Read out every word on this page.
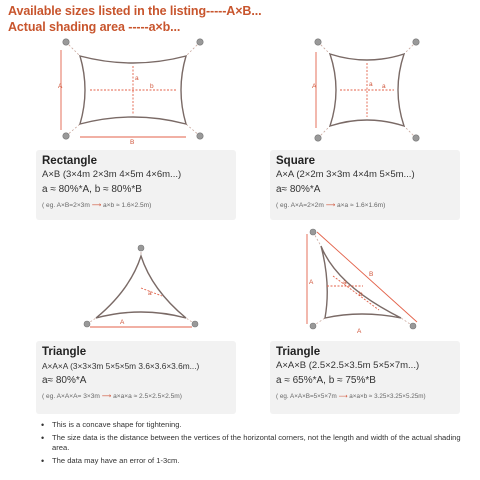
Available sizes listed in the listing-----A×B...
Actual shading area -----a×b...
A
B
a
b	A	a a
A
a
A
A
B
a
b
Rectangle
A×B (3×4m 2×3m 4×5m 4×6m...)
a ≈ 80%*A, b ≈ 80%*B
( eg. A×B=2×3m ⟶ a×b ≈ 1.6×2.5m)
Square
A×A (2×2m 3×3m 4×4m 5×5m...)
a≈ 80%*A
( eg. A×A=2×2m ⟶ a×a ≈ 1.6×1.6m)
Triangle
A×A×A (3×3×3m 5×5×5m 3.6×3.6×3.6m...)
a≈ 80%*A
( eg. A×A×A= 3×3m ⟶ a×a×a ≈ 2.5×2.5×2.5m)
Triangle
A×A×B (2.5×2.5×3.5m 5×5×7m...)
a ≈ 65%*A, b ≈ 75%*B
( eg. A×A×B=5×5×7m ⟶ a×a×b ≈ 3.25×3.25×5.25m)
• This is a concave shape for tightening.
• The size data is the distance between the vertices of the horizontal corners, not the length and width of the actual shading area.
• The data may have an error of 1-3cm.
